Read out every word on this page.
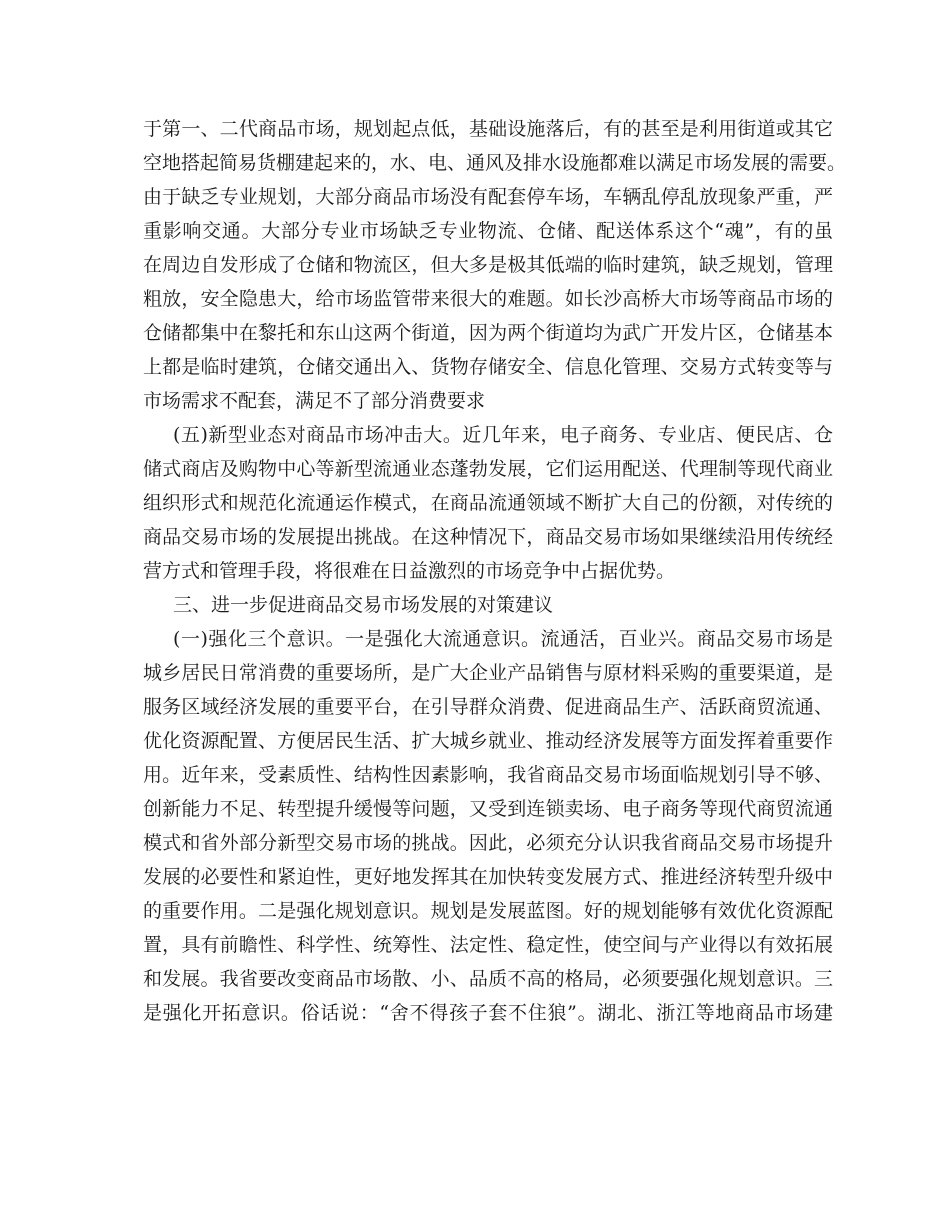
于第一、二代商品市场，规划起点低，基础设施落后，有的甚至是利用街道或其它
空地搭起简易货棚建起来的，水、电、通风及排水设施都难以满足市场发展的需要。
由于缺乏专业规划，大部分商品市场没有配套停车场，车辆乱停乱放现象严重，严
重影响交通。大部分专业市场缺乏专业物流、仓储、配送体系这个“魂”，有的虽
在周边自发形成了仓储和物流区，但大多是极其低端的临时建筑，缺乏规划，管理
粗放，安全隐患大，给市场监管带来很大的难题。如长沙高桥大市场等商品市场的
仓储都集中在黎托和东山这两个街道，因为两个街道均为武广开发片区，仓储基本
上都是临时建筑，仓储交通出入、货物存储安全、信息化管理、交易方式转变等与
市场需求不配套，满足不了部分消费要求
(五)新型业态对商品市场冲击大。近几年来，电子商务、专业店、便民店、仓
储式商店及购物中心等新型流通业态蓬勃发展，它们运用配送、代理制等现代商业
组织形式和规范化流通运作模式，在商品流通领域不断扩大自己的份额，对传统的
商品交易市场的发展提出挑战。在这种情况下，商品交易市场如果继续沿用传统经
营方式和管理手段，将很难在日益激烈的市场竞争中占据优势。
三、进一步促进商品交易市场发展的对策建议
(一)强化三个意识。一是强化大流通意识。流通活，百业兴。商品交易市场是
城乡居民日常消费的重要场所，是广大企业产品销售与原材料采购的重要渠道，是
服务区域经济发展的重要平台，在引导群众消费、促进商品生产、活跃商贸流通、
优化资源配置、方便居民生活、扩大城乡就业、推动经济发展等方面发挥着重要作
用。近年来，受素质性、结构性因素影响，我省商品交易市场面临规划引导不够、
创新能力不足、转型提升缓慢等问题，又受到连锁卖场、电子商务等现代商贸流通
模式和省外部分新型交易市场的挑战。因此，必须充分认识我省商品交易市场提升
发展的必要性和紧迫性，更好地发挥其在加快转变发展方式、推进经济转型升级中
的重要作用。二是强化规划意识。规划是发展蓝图。好的规划能够有效优化资源配
置，具有前瞻性、科学性、统筹性、法定性、稳定性，使空间与产业得以有效拓展
和发展。我省要改变商品市场散、小、品质不高的格局，必须要强化规划意识。三
是强化开拓意识。俗话说：“舍不得孩子套不住狼”。湖北、浙江等地商品市场建
